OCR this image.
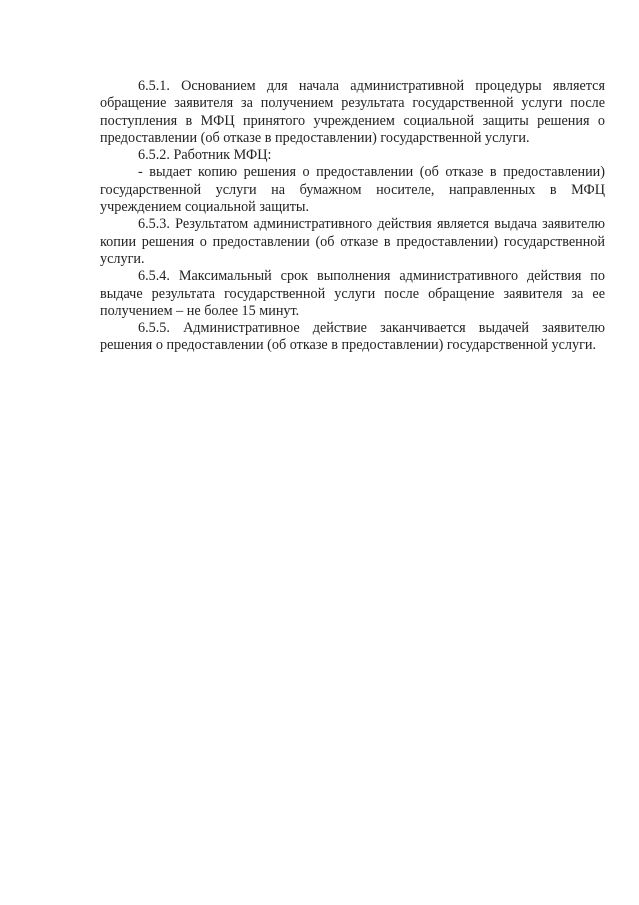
6.5.1. Основанием для начала административной процедуры является обращение заявителя за получением результата государственной услуги после поступления в МФЦ принятого учреждением социальной защиты решения о предоставлении (об отказе в предоставлении) государственной услуги.

6.5.2. Работник МФЦ:

- выдает копию решения о предоставлении (об отказе в предоставлении) государственной услуги на бумажном носителе, направленных в МФЦ учреждением социальной защиты.

6.5.3. Результатом административного действия является выдача заявителю копии решения о предоставлении (об отказе в предоставлении) государственной услуги.

6.5.4. Максимальный срок выполнения административного действия по выдаче результата государственной услуги после обращение заявителя за ее получением – не более 15 минут.

6.5.5. Административное действие заканчивается выдачей заявителю решения о предоставлении (об отказе в предоставлении) государственной услуги.
